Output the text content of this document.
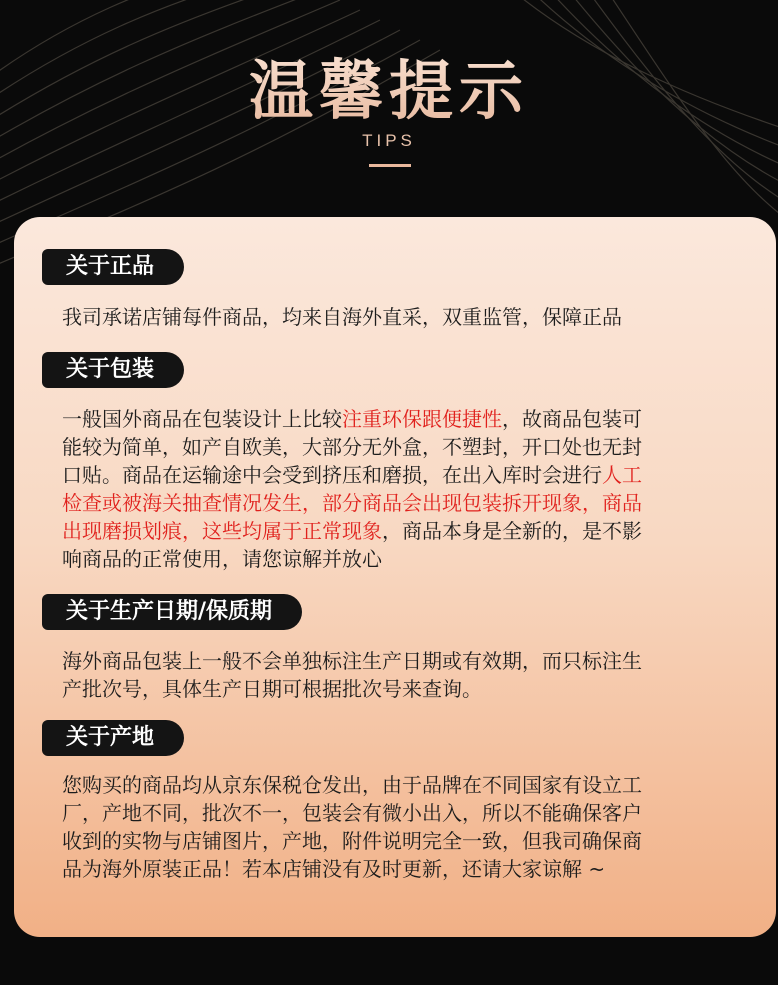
温馨提示
TIPS
关于正品
我司承诺店铺每件商品，均来自海外直采，双重监管，保障正品
关于包装
一般国外商品在包装设计上比较注重环保跟便捷性，故商品包装可
能较为简单，如产自欧美，大部分无外盒，不塑封，开口处也无封
口贴。商品在运输途中会受到挤压和磨损，在出入库时会进行人工
检查或被海关抽查情况发生，部分商品会出现包装拆开现象，商品
出现磨损划痕，这些均属于正常现象，商品本身是全新的，是不影
响商品的正常使用，请您谅解并放心
关于生产日期/保质期
海外商品包装上一般不会单独标注生产日期或有效期，而只标注生
产批次号，具体生产日期可根据批次号来查询。
关于产地
您购买的商品均从京东保税仓发出，由于品牌在不同国家有设立工
厂，产地不同，批次不一，包装会有微小出入，所以不能确保客户
收到的实物与店铺图片，产地，附件说明完全一致，但我司确保商
品为海外原装正品！若本店铺没有及时更新，还请大家谅解 ~
